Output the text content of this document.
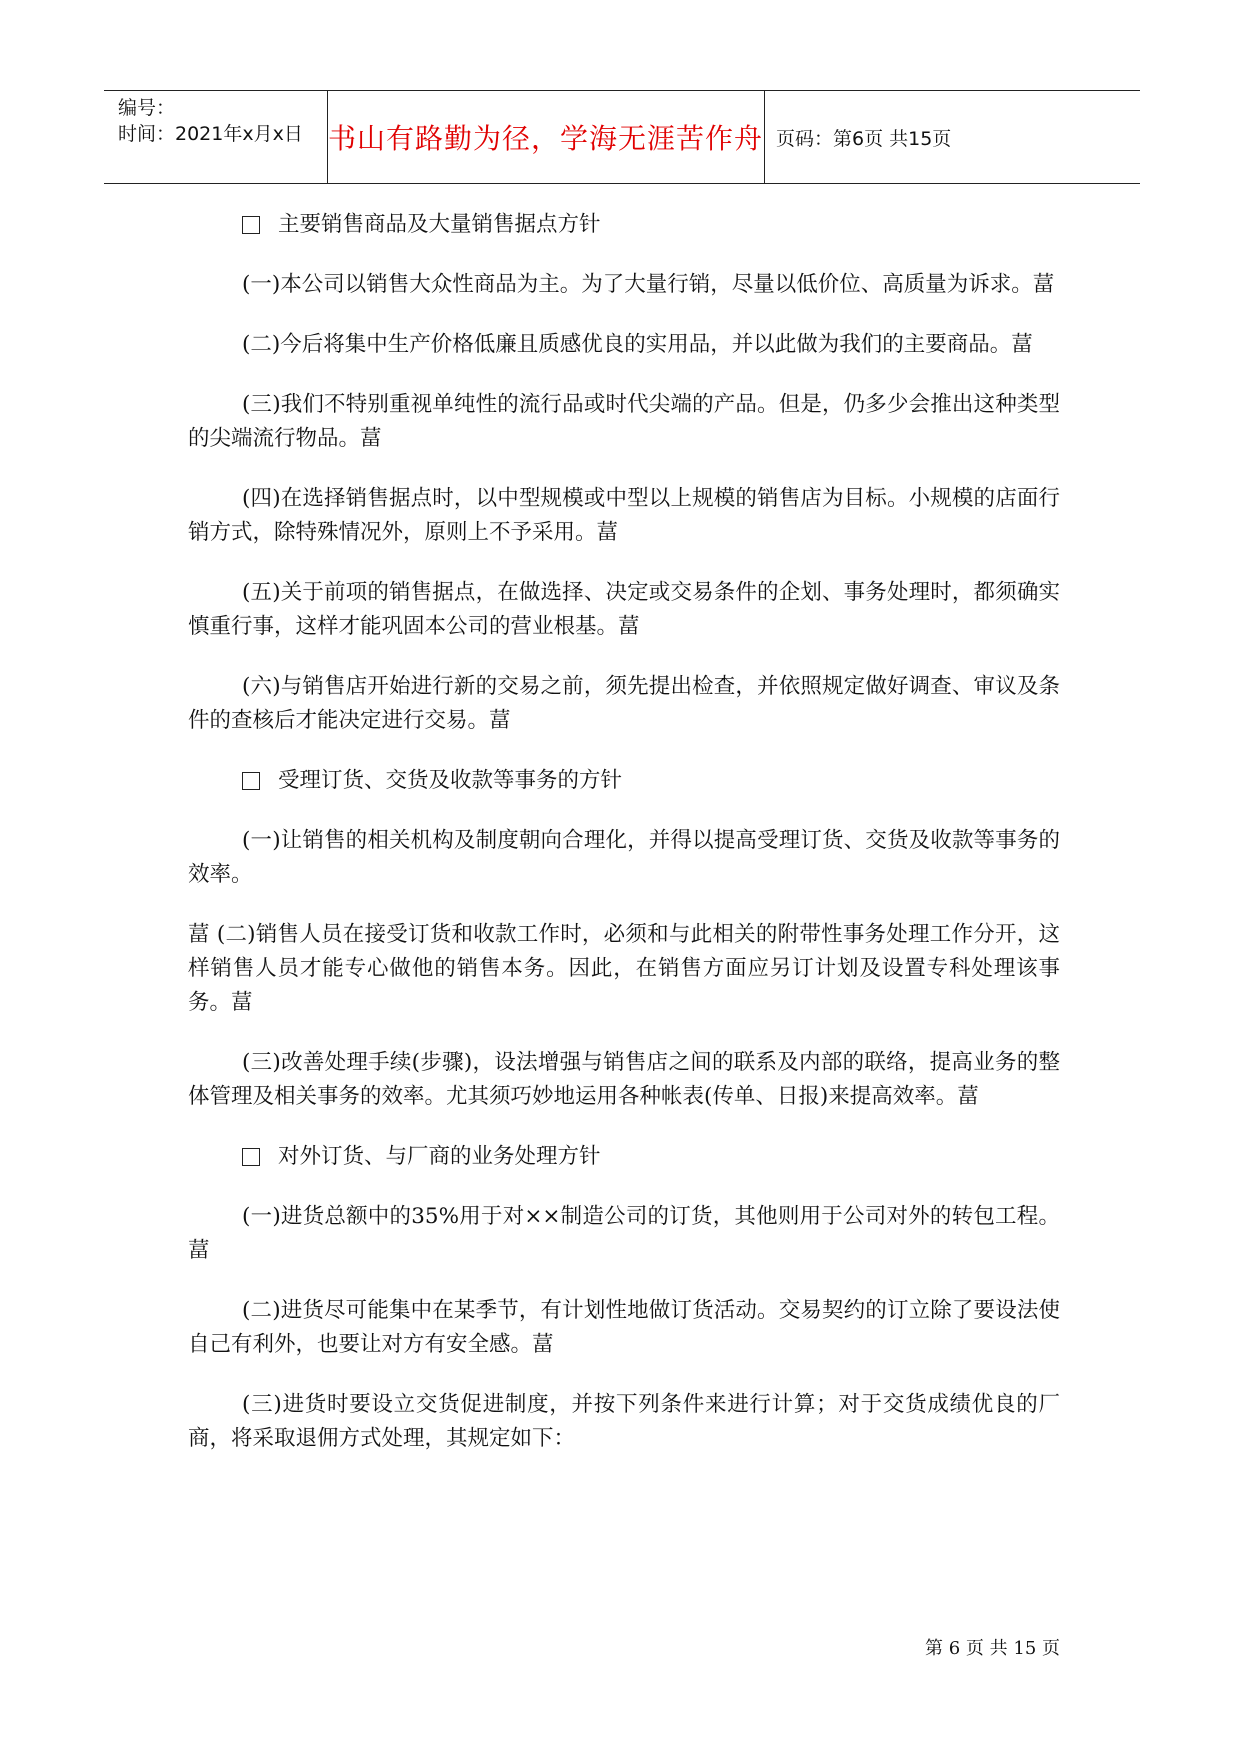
编号：
时间：2021年x月x日 书山有路勤为径，学海无涯苦作舟 页码：第6页 共15页
主要销售商品及大量销售据点方针

(一)本公司以销售大众性商品为主。为了大量行销，尽量以低价位、高质量为诉求。葍

(二)今后将集中生产价格低廉且质感优良的实用品，并以此做为我们的主要商品。葍

(三)我们不特别重视单纯性的流行品或时代尖端的产品。但是，仍多少会推出这种类型的尖端流行物品。葍

(四)在选择销售据点时，以中型规模或中型以上规模的销售店为目标。小规模的店面行销方式，除特殊情况外，原则上不予采用。葍

(五)关于前项的销售据点，在做选择、决定或交易条件的企划、事务处理时，都须确实慎重行事，这样才能巩固本公司的营业根基。葍

(六)与销售店开始进行新的交易之前，须先提出检查，并依照规定做好调查、审议及条件的查核后才能决定进行交易。葍

受理订货、交货及收款等事务的方针

(一)让销售的相关机构及制度朝向合理化，并得以提高受理订货、交货及收款等事务的效率。

葍 (二)销售人员在接受订货和收款工作时，必须和与此相关的附带性事务处理工作分开，这样销售人员才能专心做他的销售本务。因此，在销售方面应另订计划及设置专科处理该事务。葍

(三)改善处理手续(步骤)，设法增强与销售店之间的联系及内部的联络，提高业务的整体管理及相关事务的效率。尤其须巧妙地运用各种帐表(传单、日报)来提高效率。葍

对外订货、与厂商的业务处理方针

(一)进货总额中的35%用于对××制造公司的订货，其他则用于公司对外的转包工程。葍

(二)进货尽可能集中在某季节，有计划性地做订货活动。交易契约的订立除了要设法使自己有利外，也要让对方有安全感。葍

(三)进货时要设立交货促进制度，并按下列条件来进行计算；对于交货成绩优良的厂商，将采取退佣方式处理，其规定如下：

第 6 页 共 15 页
